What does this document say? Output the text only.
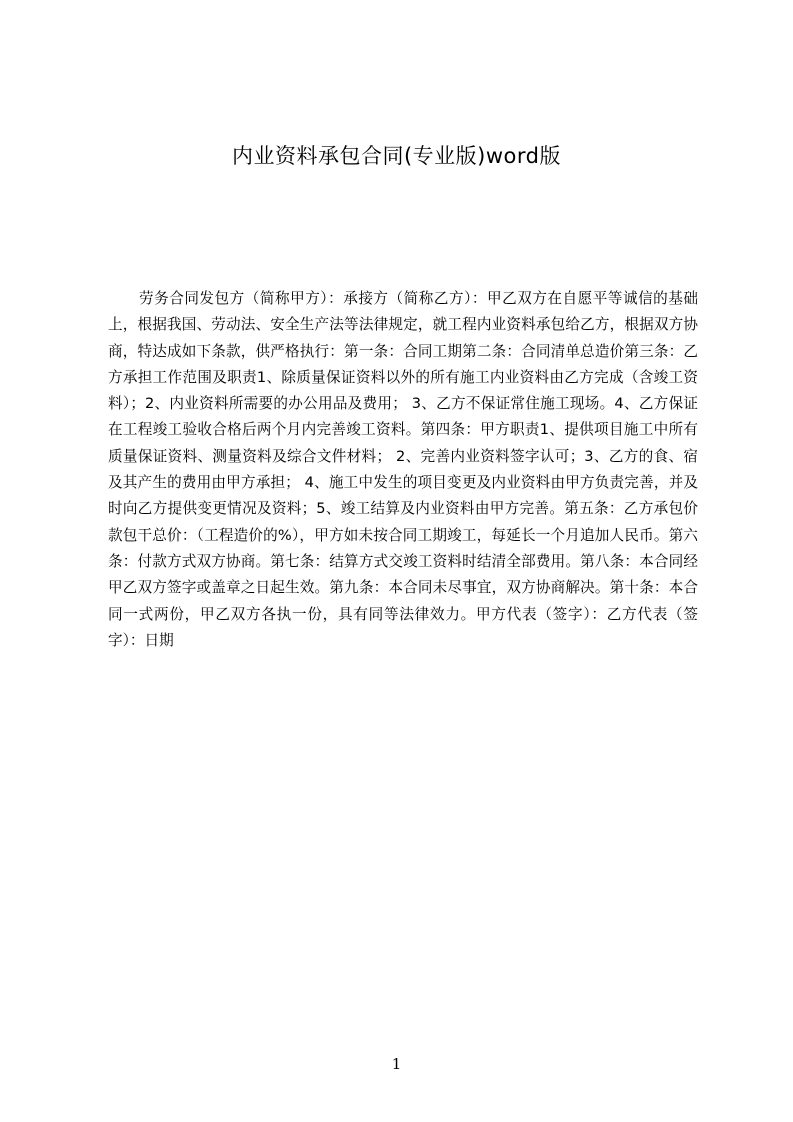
内业资料承包合同(专业版)word版

劳务合同发包方（简称甲方）：承接方（简称乙方）：甲乙双方在自愿平等诚信的基础上，根据我国、劳动法、安全生产法等法律规定，就工程内业资料承包给乙方，根据双方协商，特达成如下条款，供严格执行：第一条：合同工期第二条：合同清单总造价第三条：乙方承担工作范围及职责1、除质量保证资料以外的所有施工内业资料由乙方完成（含竣工资料）；2、内业资料所需要的办公用品及费用； 3、乙方不保证常住施工现场。4、乙方保证在工程竣工验收合格后两个月内完善竣工资料。第四条：甲方职责1、提供项目施工中所有质量保证资料、测量资料及综合文件材料； 2、完善内业资料签字认可；3、乙方的食、宿及其产生的费用由甲方承担； 4、施工中发生的项目变更及内业资料由甲方负责完善，并及时向乙方提供变更情况及资料；5、竣工结算及内业资料由甲方完善。第五条：乙方承包价款包干总价：（工程造价的%），甲方如未按合同工期竣工，每延长一个月追加人民币。第六条：付款方式双方协商。第七条：结算方式交竣工资料时结清全部费用。第八条：本合同经甲乙双方签字或盖章之日起生效。第九条：本合同未尽事宜，双方协商解决。第十条：本合同一式两份，甲乙双方各执一份，具有同等法律效力。甲方代表（签字）：乙方代表（签字）：日期

1
